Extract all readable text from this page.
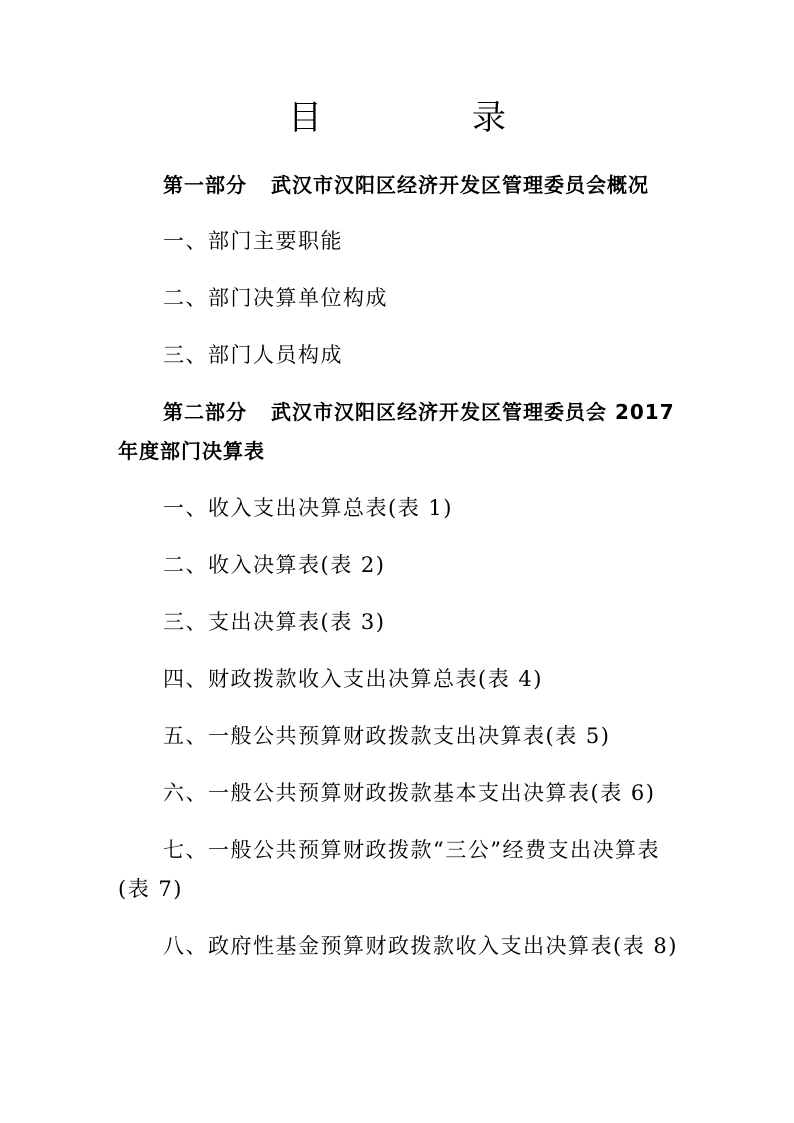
目　录
第一部分 武汉市汉阳区经济开发区管理委员会概况
一、部门主要职能
二、部门决算单位构成
三、部门人员构成
第二部分 武汉市汉阳区经济开发区管理委员会 2017
年度部门决算表
一、收入支出决算总表(表 1)
二、收入决算表(表 2)
三、支出决算表(表 3)
四、财政拨款收入支出决算总表(表 4)
五、一般公共预算财政拨款支出决算表(表 5)
六、一般公共预算财政拨款基本支出决算表(表 6)
七、一般公共预算财政拨款“三公”经费支出决算表
(表 7)
八、政府性基金预算财政拨款收入支出决算表(表 8)
